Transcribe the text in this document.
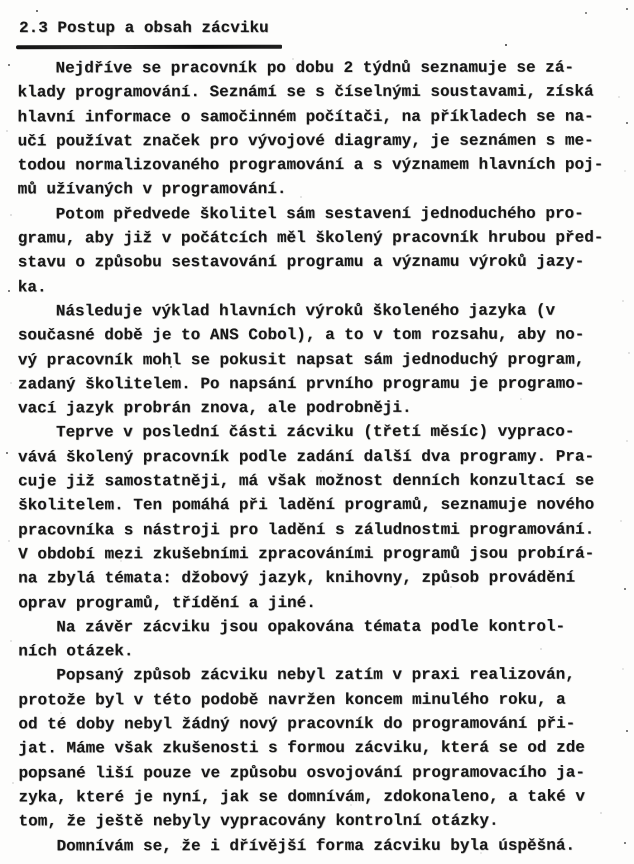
2.3 Postup a obsah zácviku

Nejdříve se pracovník po dobu 2 týdnů seznamuje se zá-
klady programování. Seznámí se s číselnými soustavami, získá
hlavní informace o samočinném počítači, na příkladech se na-
učí používat značek pro vývojové diagramy, je seznámen s me-
todou normalizovaného programování a s významem hlavních poj-
mů užívaných v programování.

Potom předvede školitel sám sestavení jednoduchého pro-
gramu, aby již v počátcích měl školený pracovník hrubou před-
stavu o způsobu sestavování programu a významu výroků jazy-
ka.

Následuje výklad hlavních výroků školeného jazyka (v
současné době je to ANS Cobol), a to v tom rozsahu, aby no-
vý pracovník mohl se pokusit napsat sám jednoduchý program,
zadaný školitelem. Po napsání prvního programu je programo-
vací jazyk probrán znova, ale podrobněji.

Teprve v poslední části zácviku (třetí měsíc) vypraco-
vává školený pracovník podle zadání další dva programy. Pra-
cuje již samostatněji, má však možnost denních konzultací se
školitelem. Ten pomáhá při ladění programů, seznamuje nového
pracovníka s nástroji pro ladění s záludnostmi programování.
V období mezi zkušebními zpracováními programů jsou probírá-
na zbylá témata: džobový jazyk, knihovny, způsob provádění
oprav programů, třídění a jiné.

Na závěr zácviku jsou opakována témata podle kontrol-
ních otázek.

Popsaný způsob zácviku nebyl zatím v praxi realizován,
protože byl v této podobě navržen koncem minulého roku, a
od té doby nebyl žádný nový pracovník do programování při-
jat. Máme však zkušenosti s formou zácviku, která se od zde
popsané liší pouze ve způsobu osvojování programovacího ja-
zyka, které je nyní, jak se domnívám, zdokonaleno, a také v
tom, že ještě nebyly vypracovány kontrolní otázky.

Domnívám se, že i dřívější forma zácviku byla úspěšná.
